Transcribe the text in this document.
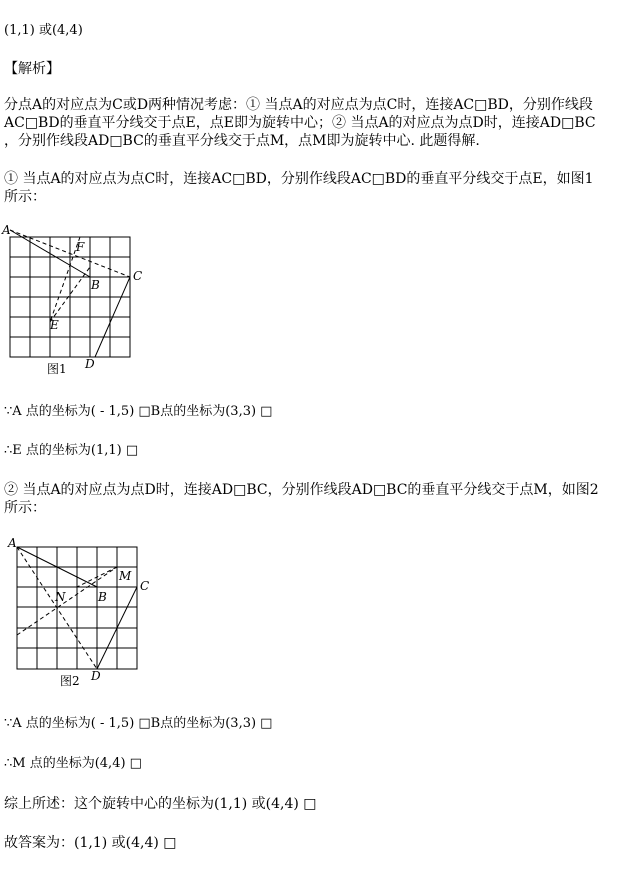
(1,1) 或(4,4)
【解析】
分点A的对应点为C或D两种情况考虑：① 当点A的对应点为点C时，连接AC□BD，分别作线段
AC□BD的垂直平分线交于点E，点E即为旋转中心；② 当点A的对应点为点D时，连接AD□BC
，分别作线段AD□BC的垂直平分线交于点M，点M即为旋转中心. 此题得解.
① 当点A的对应点为点C时，连接AC□BD，分别作线段AC□BD的垂直平分线交于点E，如图1
所示：
A
F
B
C
E
D
图1
∵A 点的坐标为( - 1,5) □B点的坐标为(3,3) □
∴E 点的坐标为(1,1) □
② 当点A的对应点为点D时，连接AD□BC，分别作线段AD□BC的垂直平分线交于点M，如图2
所示：
A
M
N	B
C
D
图2
∵A 点的坐标为( - 1,5) □B点的坐标为(3,3) □
∴M 点的坐标为(4,4) □
综上所述：这个旋转中心的坐标为(1,1) 或(4,4) □
故答案为：(1,1) 或(4,4) □
